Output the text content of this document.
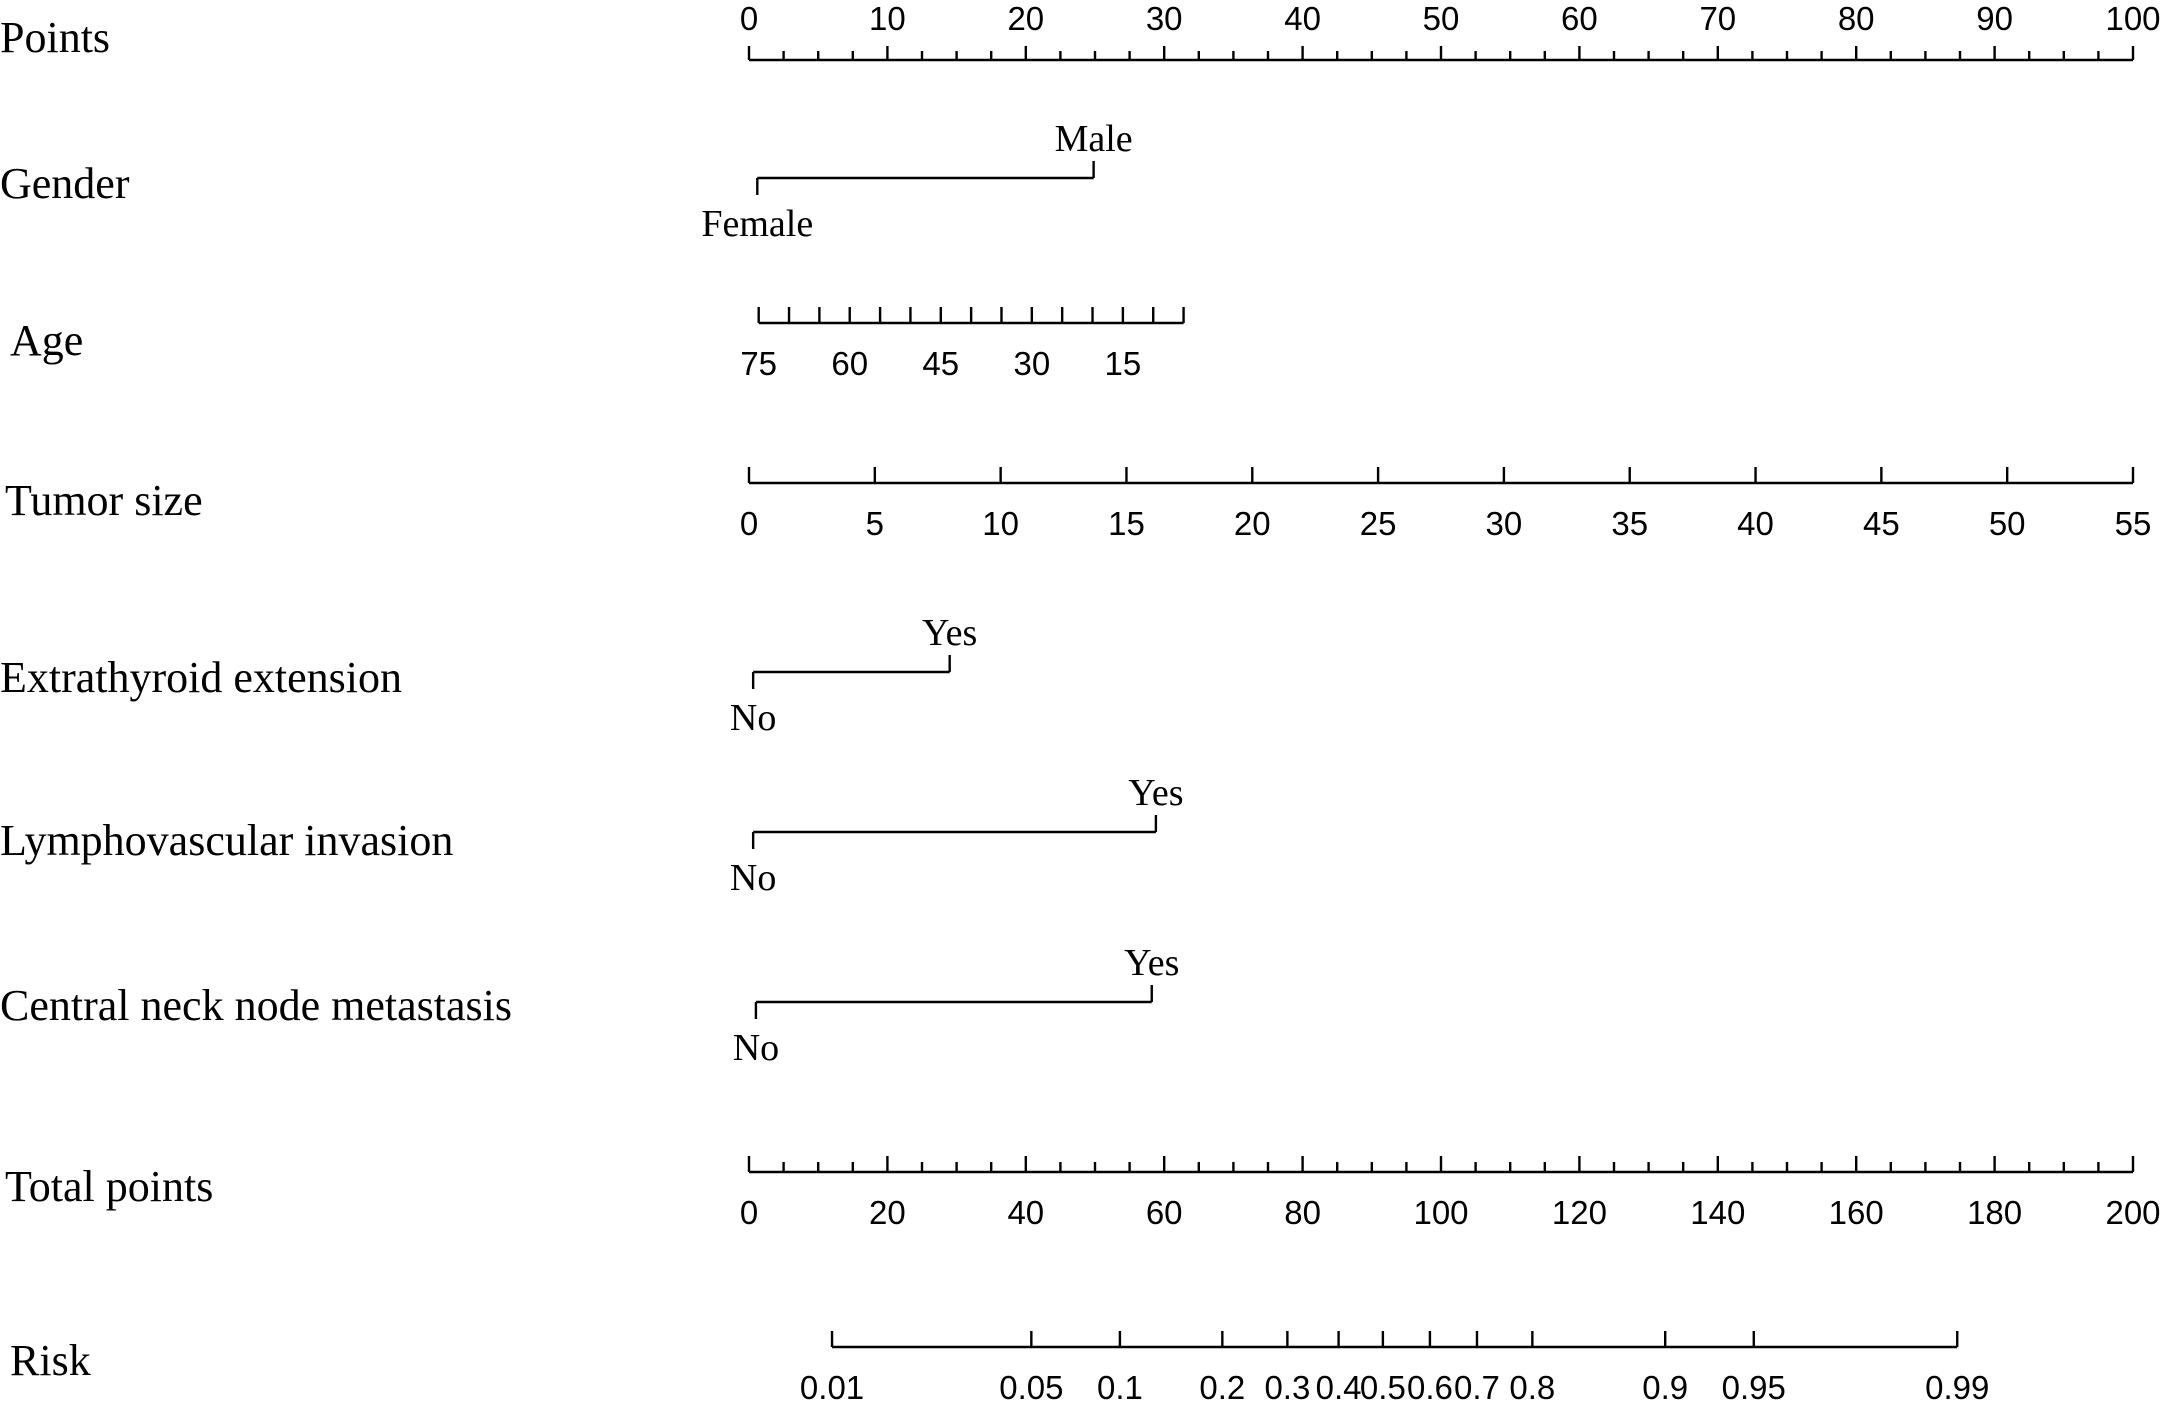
Points	0	10	20	30	40	50	60	70	80	90	100
Gender
Female
Male
Age	75 60 45 30 15
Tumor size	0	5	10	15	20	25	30	35	40	45	50	55
Extrathyroid extension
No
Yes
Lymphovascular invasion
No
Yes
Central neck node metastasis
No
Yes
Total points
0	20	40	60	80	100	120	140	160	180	200
Risk
0.01	0.05 0.1 0.2 0.3 0.4
0.5 0.6 0.7 0.8	0.9 0.95	0.99
